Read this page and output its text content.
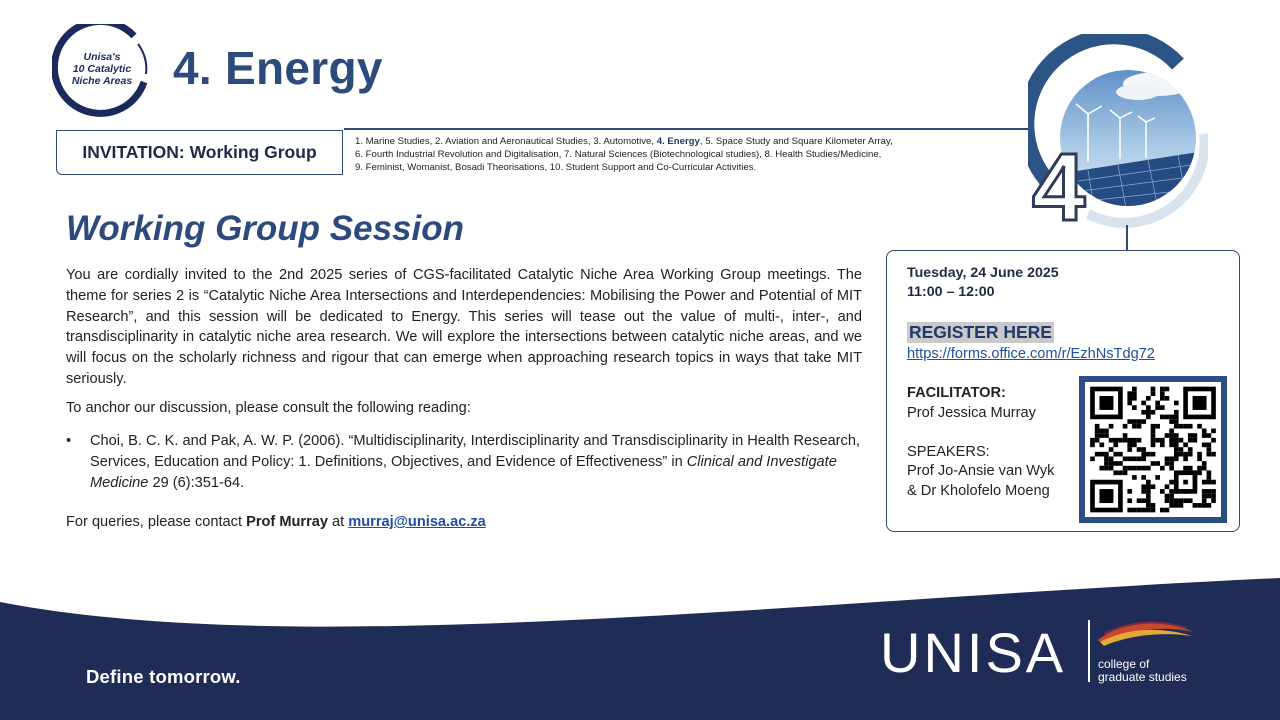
Unisa's
10 Catalytic
Niche Areas 4. Energy
INVITATION: Working Group
1. Marine Studies, 2. Aviation and Aeronautical Studies, 3. Automotive, 4. Energy, 5. Space Study and Square Kilometer Array,
6. Fourth Industrial Revolution and Digitalisation, 7. Natural Sciences (Biotechnological studies), 8. Health Studies/Medicine,
9. Feminist, Womanist, Bosadi Theorisations, 10. Student Support and Co-Curricular Activities.	4
Working Group Session
You are cordially invited to the 2nd 2025 series of CGS-facilitated Catalytic Niche Area Working Group meetings. The theme for series 2 is “Catalytic Niche Area Intersections and Interdependencies: Mobilising the Power and Potential of MIT Research”, and this session will be dedicated to Energy. This series will tease out the value of multi-, inter-, and transdisciplinarity in catalytic niche area research. We will explore the intersections between catalytic niche areas, and we will focus on the scholarly richness and rigour that can emerge when approaching research topics in ways that take MIT seriously.
To anchor our discussion, please consult the following reading:
• Choi, B. C. K. and Pak, A. W. P. (2006). “Multidisciplinarity, Interdisciplinarity and Transdisciplinarity in Health Research, Services, Education and Policy: 1. Definitions, Objectives, and Evidence of Effectiveness” in Clinical and Investigate Medicine 29 (6):351-64.
For queries, please contact Prof Murray at murraj@unisa.ac.za
Tuesday, 24 June 2025
11:00 – 12:00
REGISTER HERE
https://forms.office.com/r/EzhNsTdg72
FACILITATOR:
Prof Jessica Murray
SPEAKERS:
Prof Jo-Ansie van Wyk
& Dr Kholofelo Moeng
Define tomorrow.	UNISA	college of
graduate studies
